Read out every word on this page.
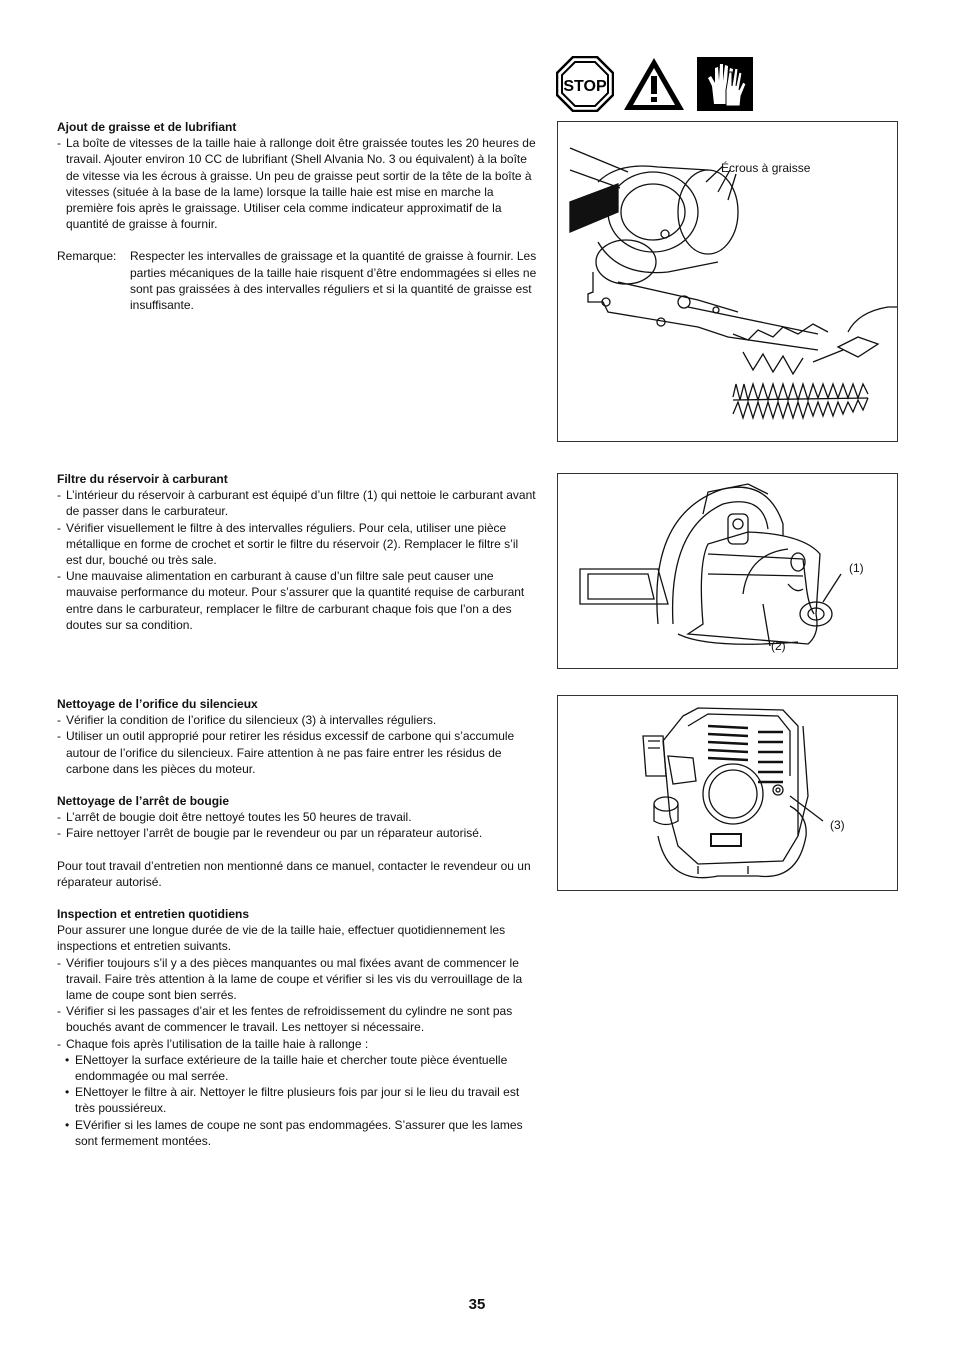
STOP

Ajout de graisse et de lubrifiant

- La boîte de vitesses de la taille haie à rallonge doit être graissée toutes les 20 heures de travail. Ajouter environ 10 CC de lubrifiant (Shell Alvania No. 3 ou équivalent) à la boîte de vitesse via les écrous à graisse. Un peu de graisse peut sortir de la tête de la boîte à vitesses (située à la base de la lame) lorsque la taille haie est mise en marche la première fois après le graissage. Utiliser cela comme indicateur approximatif de la quantité de graisse à fournir.

Remarque: Respecter les intervalles de graissage et la quantité de graisse à fournir. Les parties mécaniques de la taille haie risquent d’être endommagées si elles ne sont pas graissées à des intervalles réguliers et si la quantité de graisse est insuffisante.

Écrous à graisse

Filtre du réservoir à carburant

- L’intérieur du réservoir à carburant est équipé d’un filtre (1) qui nettoie le carburant avant de passer dans le carburateur.

- Vérifier visuellement le filtre à des intervalles réguliers. Pour cela, utiliser une pièce métallique en forme de crochet et sortir le filtre du réservoir (2). Remplacer le filtre s’il est dur, bouché ou très sale.

- Une mauvaise alimentation en carburant à cause d’un filtre sale peut causer une mauvaise performance du moteur. Pour s’assurer que la quantité requise de carburant entre dans le carburateur, remplacer le filtre de carburant chaque fois que l’on a des doutes sur sa condition.

(1)
(2)

Nettoyage de l’orifice du silencieux

- Vérifier la condition de l’orifice du silencieux (3) à intervalles réguliers.

- Utiliser un outil approprié pour retirer les résidus excessif de carbone qui s’accumule autour de l’orifice du silencieux. Faire attention à ne pas faire entrer les résidus de carbone dans les pièces du moteur.

Nettoyage de l’arrêt de bougie

- L’arrêt de bougie doit être nettoyé toutes les 50 heures de travail.

- Faire nettoyer l’arrêt de bougie par le revendeur ou par un réparateur autorisé.

Pour tout travail d’entretien non mentionné dans ce manuel, contacter le revendeur ou un réparateur autorisé.

Inspection et entretien quotidiens

Pour assurer une longue durée de vie de la taille haie, effectuer quotidiennement les inspections et entretien suivants.

- Vérifier toujours s’il y a des pièces manquantes ou mal fixées avant de commencer le travail. Faire très attention à la lame de coupe et vérifier si les vis du verrouillage de la lame de coupe sont bien serrés.

- Vérifier si les passages d’air et les fentes de refroidissement du cylindre ne sont pas bouchés avant de commencer le travail. Les nettoyer si nécessaire.

- Chaque fois après l’utilisation de la taille haie à rallonge :

• ENettoyer la surface extérieure de la taille haie et chercher toute pièce éventuelle endommagée ou mal serrée.

• ENettoyer le filtre à air. Nettoyer le filtre plusieurs fois par jour si le lieu du travail est très poussiéreux.

• EVérifier si les lames de coupe ne sont pas endommagées. S’assurer que les lames sont fermement montées.

(3)
35
